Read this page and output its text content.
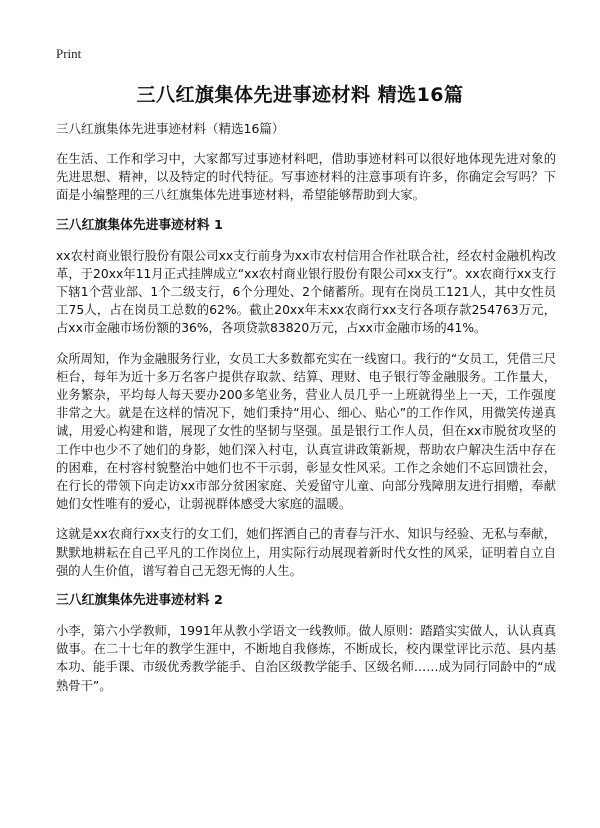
Print
三八红旗集体先进事迹材料 精选16篇

三八红旗集体先进事迹材料（精选16篇）

在生活、工作和学习中，大家都写过事迹材料吧，借助事迹材料可以很好地体现先进对象的先进思想、精神，以及特定的时代特征。写事迹材料的注意事项有许多，你确定会写吗？下面是小编整理的三八红旗集体先进事迹材料，希望能够帮助到大家。

三八红旗集体先进事迹材料 1

xx农村商业银行股份有限公司xx支行前身为xx市农村信用合作社联合社，经农村金融机构改革，于20xx年11月正式挂牌成立“xx农村商业银行股份有限公司xx支行”。xx农商行xx支行下辖1个营业部、1个二级支行，6个分理处、2个储蓄所。现有在岗员工121人，其中女性员工75人，占在岗员工总数的62%。截止20xx年末xx农商行xx支行各项存款254763万元，占xx市金融市场份额的36%，各项贷款83820万元，占xx市金融市场的41%。

众所周知，作为金融服务行业，女员工大多数都充实在一线窗口。我行的“女员工，凭借三尺柜台，每年为近十多万名客户提供存取款、结算、理财、电子银行等金融服务。工作量大，业务繁杂，平均每人每天要办200多笔业务，营业人员几乎一上班就得坐上一天，工作强度非常之大。就是在这样的情况下，她们秉持“用心、细心、贴心”的工作作风，用微笑传递真诚，用爱心构建和谐，展现了女性的坚韧与坚强。虽是银行工作人员，但在xx市脱贫攻坚的工作中也少不了她们的身影，她们深入村屯，认真宣讲政策新规，帮助农户解决生活中存在的困难，在村容村貌整治中她们也不干示弱，彰显女性风采。工作之余她们不忘回馈社会，在行长的带领下向走访xx市部分贫困家庭、关爱留守儿童、向部分残障朋友进行捐赠，奉献她们女性唯有的爱心，让弱视群体感受大家庭的温暖。

这就是xx农商行xx支行的女工们，她们挥洒自己的青春与汗水、知识与经验、无私与奉献，默默地耕耘在自己平凡的工作岗位上，用实际行动展现着新时代女性的风采，证明着自立自强的人生价值，谱写着自己无怨无悔的人生。

三八红旗集体先进事迹材料 2

小李，第六小学教师，1991年从教小学语文一线教师。做人原则：踏踏实实做人，认认真真做事。在二十七年的教学生涯中，不断地自我修炼，不断成长，校内课堂评比示范、县内基本功、能手课、市级优秀教学能手、自治区级教学能手、区级名师……成为同行同龄中的“成熟骨干”。
